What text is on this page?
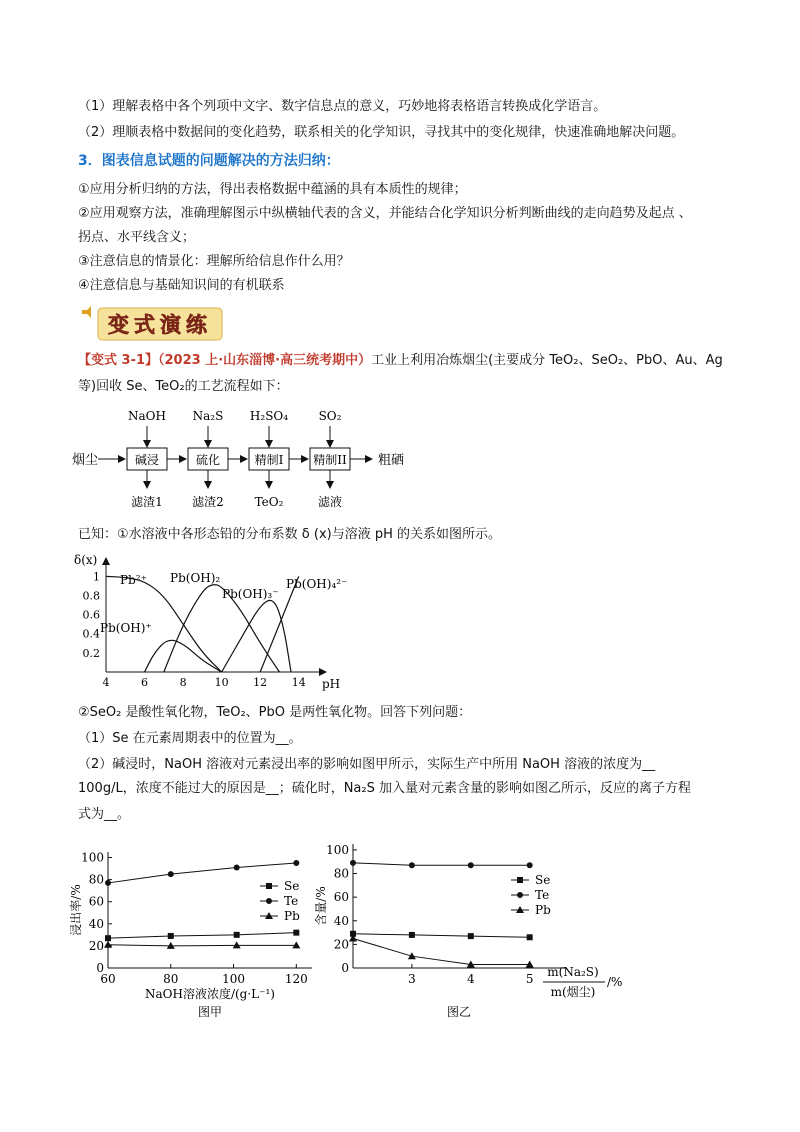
（1）理解表格中各个列项中文字、数字信息点的意义，巧妙地将表格语言转换成化学语言。
（2）理顺表格中数据间的变化趋势，联系相关的化学知识，寻找其中的变化规律，快速准确地解决问题。
3．图表信息试题的问题解决的方法归纳：
①应用分析归纳的方法，得出表格数据中蕴涵的具有本质性的规律；
②应用观察方法，准确理解图示中纵横轴代表的含义，并能结合化学知识分析判断曲线的走向趋势及起点 、
拐点、水平线含义；
③注意信息的情景化：理解所给信息作什么用？
④注意信息与基础知识间的有机联系
变式演练
【变式 3-1】（2023 上·山东淄博·高三统考期中）工业上利用冶炼烟尘(主要成分 TeO₂、SeO₂、PbO、Au、Ag
等)回收 Se、TeO₂的工艺流程如下：
烟尘	碱浸
NaOH
滤渣1
硫化
Na₂S
滤渣2
精制I
H₂SO₄
TeO₂
精制II
SO₂
滤液
粗硒
已知：①水溶液中各形态铅的分布系数 δ (x)与溶液 pH 的关系如图所示。
δ(x)
pH
4	6	8	10 12 14
0.2
0.4
0.6
0.8
1 Pb²⁺
Pb(OH)⁺
Pb(OH)₂
Pb(OH)₃⁻
Pb(OH)₄²⁻
②SeO₂ 是酸性氧化物，TeO₂、PbO 是两性氧化物。回答下列问题：
（1）Se 在元素周期表中的位置为__。
（2）碱浸时，NaOH 溶液对元素浸出率的影响如图甲所示，实际生产中所用 NaOH 溶液的浓度为__
100g/L，浓度不能过大的原因是__；硫化时，Na₂S 加入量对元素含量的影响如图乙所示，反应的离子方程
式为__。
0
20
40
60
80
100
60	80	100	120
浸出率/%	Se
Te
Pb
NaOH溶液浓度/(g·L⁻¹)
图甲
0
20
40
60
80
100
3	4	5
含量/%
Se
Te
Pb
m(Na₂S)
m(烟尘)
/%
图乙
